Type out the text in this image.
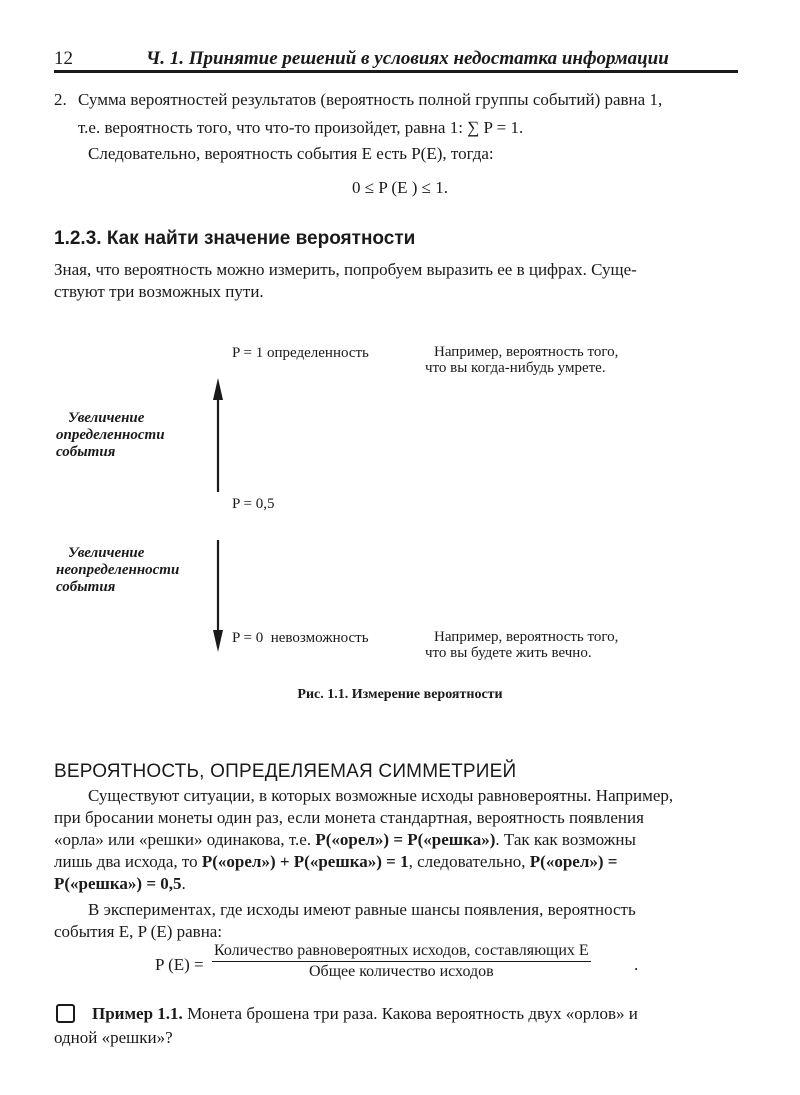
12	Ч. 1. Принятие решений в условиях недостатка информации
2. Сумма вероятностей результатов (вероятность полной группы событий) равна 1,
т.е. вероятность того, что что-то произойдет, равна 1: ∑ P = 1.
Следовательно, вероятность события E есть P(E), тогда:
0 ≤ P (E ) ≤ 1.
1.2.3. Как найти значение вероятности
Зная, что вероятность можно измерить, попробуем выразить ее в цифрах. Суще-
ствуют три возможных пути.
P = 1 определенность	Например, вероятность того,
что вы когда-нибудь умрете.
Увеличение
определенности
события
P = 0,5
Увеличение
неопределенности
события
P = 0  невозможность	Например, вероятность того,
что вы будете жить вечно.
Рис. 1.1. Измерение вероятности
ВЕРОЯТНОСТЬ, ОПРЕДЕЛЯЕМАЯ СИММЕТРИЕЙ
Существуют ситуации, в которых возможные исходы равновероятны. Например,
при бросании монеты один раз, если монета стандартная, вероятность появления
«орла» или «решки» одинакова, т.е. P(«орел») = P(«решка»). Так как возможны
лишь два исхода, то P(«орел») + P(«решка») = 1, следовательно, P(«орел») =
P(«решка») = 0,5.
В экспериментах, где исходы имеют равные шансы появления, вероятность
события E, P (E) равна:
P (E) =
Количество равновероятных исходов, составляющих E
Общее количество исходов	.
Пример 1.1. Монета брошена три раза. Какова вероятность двух «орлов» и
одной «решки»?
